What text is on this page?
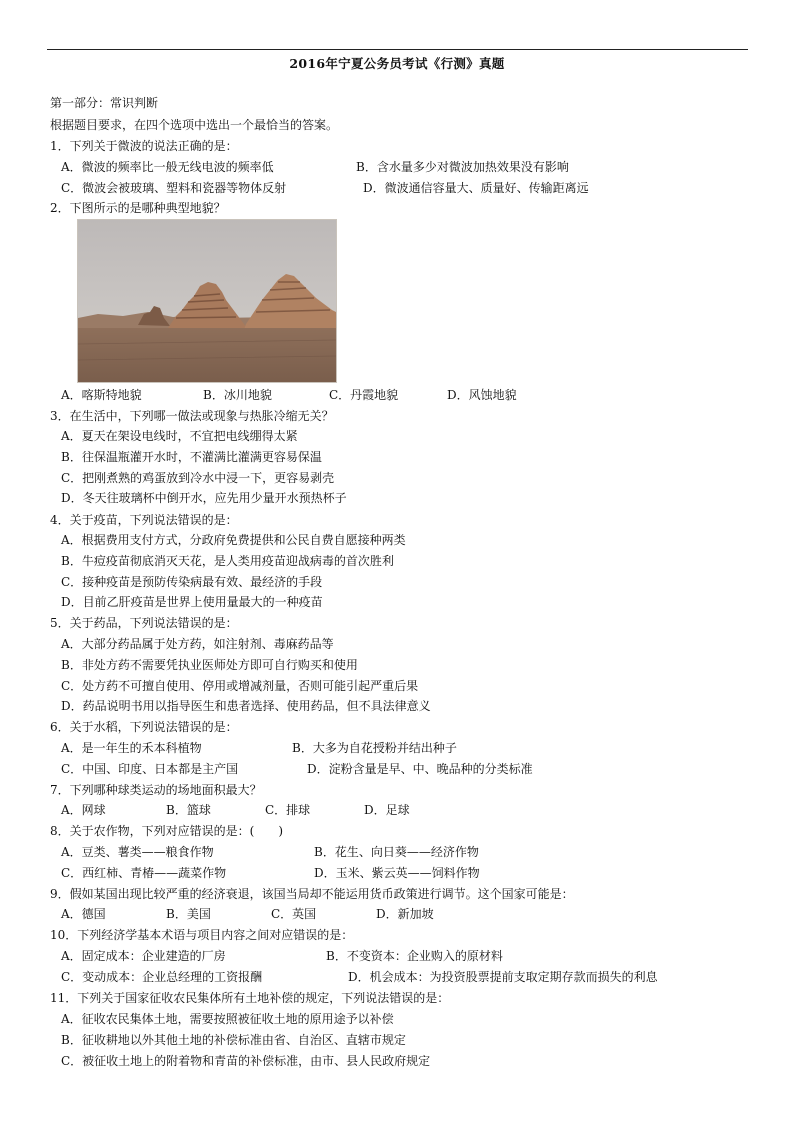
2016年宁夏公务员考试《行测》真题
第一部分：常识判断
根据题目要求，在四个选项中选出一个最恰当的答案。
1．下列关于微波的说法正确的是：
A．微波的频率比一般无线电波的频率低	B．含水量多少对微波加热效果没有影响
C．微波会被玻璃、塑料和瓷器等物体反射	D．微波通信容量大、质量好、传输距离远
2．下图所示的是哪种典型地貌？
A．喀斯特地貌	B．冰川地貌	C．丹霞地貌	D．风蚀地貌
3．在生活中，下列哪一做法或现象与热胀冷缩无关？
A．夏天在架设电线时，不宜把电线绷得太紧
B．往保温瓶灌开水时，不灌满比灌满更容易保温
C．把刚煮熟的鸡蛋放到冷水中浸一下，更容易剥壳
D．冬天往玻璃杯中倒开水，应先用少量开水预热杯子
4．关于疫苗，下列说法错误的是：
A．根据费用支付方式，分政府免费提供和公民自费自愿接种两类
B．牛痘疫苗彻底消灭天花，是人类用疫苗迎战病毒的首次胜利
C．接种疫苗是预防传染病最有效、最经济的手段
D．目前乙肝疫苗是世界上使用量最大的一种疫苗
5．关于药品，下列说法错误的是：
A．大部分药品属于处方药，如注射剂、毒麻药品等
B．非处方药不需要凭执业医师处方即可自行购买和使用
C．处方药不可擅自使用、停用或增减剂量，否则可能引起严重后果
D．药品说明书用以指导医生和患者选择、使用药品，但不具法律意义
6．关于水稻，下列说法错误的是：
A．是一年生的禾本科植物	B．大多为自花授粉并结出种子
C．中国、印度、日本都是主产国	D．淀粉含量是早、中、晚品种的分类标准
7．下列哪种球类运动的场地面积最大？
A．网球	B．篮球	C．排球	D．足球
8．关于农作物，下列对应错误的是：(　　)
A．豆类、薯类——粮食作物	B．花生、向日葵——经济作物
C．西红柿、青椿——蔬菜作物	D．玉米、紫云英——饲料作物
9．假如某国出现比较严重的经济衰退，该国当局却不能运用货币政策进行调节。这个国家可能是：
A．德国	B．美国	C．英国	D．新加坡
10．下列经济学基本术语与项目内容之间对应错误的是：
A．固定成本：企业建造的厂房	B．不变资本：企业购入的原材料
C．变动成本：企业总经理的工资报酬	D．机会成本：为投资股票提前支取定期存款而损失的利息
11．下列关于国家征收农民集体所有土地补偿的规定，下列说法错误的是：
A．征收农民集体土地，需要按照被征收土地的原用途予以补偿
B．征收耕地以外其他土地的补偿标准由省、自治区、直辖市规定
C．被征收土地上的附着物和青苗的补偿标准，由市、县人民政府规定
